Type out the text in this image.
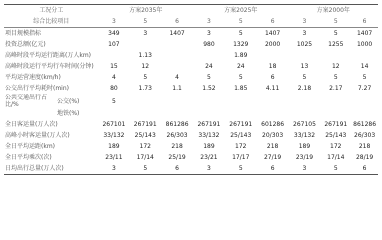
工况分工	方案2035年			方案2025年			方案2000年		
综合比较项目	3	5	6	3	5	6	3	5	6
项目规模指标	349	3	1407	3	5	1407	3	5	1407
投资总额(亿元)	107			980	1329	2000	1025	1255	1000
高峰时段平均运行距离(万人km)		1.13			1.89				
高峰时段运行平均行车时间(分钟)	15	12		24	24	18	13	12	14
平均运营速度(km/h)	4	5	4	5	5	6	5	5	5
公交出行平均耗时(min)	80	1.73	1.1	1.52	1.85	4.11	2.18	2.17	7.27

公共交通出行占比/% 公交(%)	5								

地铁(%)									

全日客运量(万人次)	267101	267191	861286	267191	267191	601286	267105	267191	861286
高峰小时客运量(万人次)	33/132	25/143	26/303	33/132	25/143	20/303	33/132	25/143	26/303
全日平均运距(km)	189	172	218	189	172	218	189	172	218
全日平均乘次(次)	23/11	17/14	25/19	23/21	17/17	27/19	23/19	17/14	28/19
日均出行总量(万人次)	3	5	6	3	5	6	3	5	6
